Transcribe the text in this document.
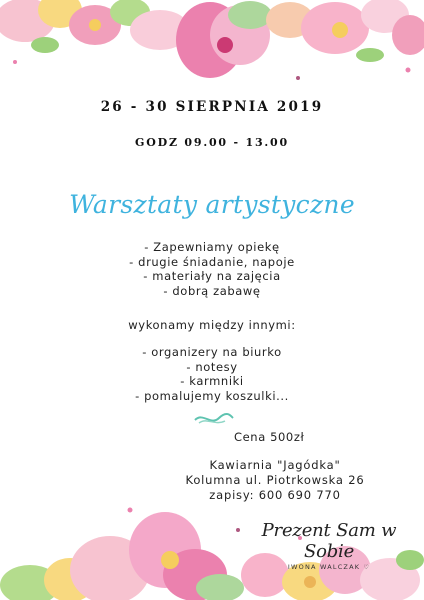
26 - 30 SIERPNIA 2019
GODZ 09.00 - 13.00
Warsztaty artystyczne
- Zapewniamy opiekę
- drugie śniadanie, napoje
- materiały na zajęcia
- dobrą zabawę
wykonamy między innymi:
- organizery na biurko
- notesy
- karmniki
- pomalujemy koszulki...
Cena 500zł
Kawiarnia "Jagódka"
Kolumna ul. Piotrkowska 26
zapisy: 600 690 770
Prezent Sam w Sobie
IWONA WALCZAK ♡
